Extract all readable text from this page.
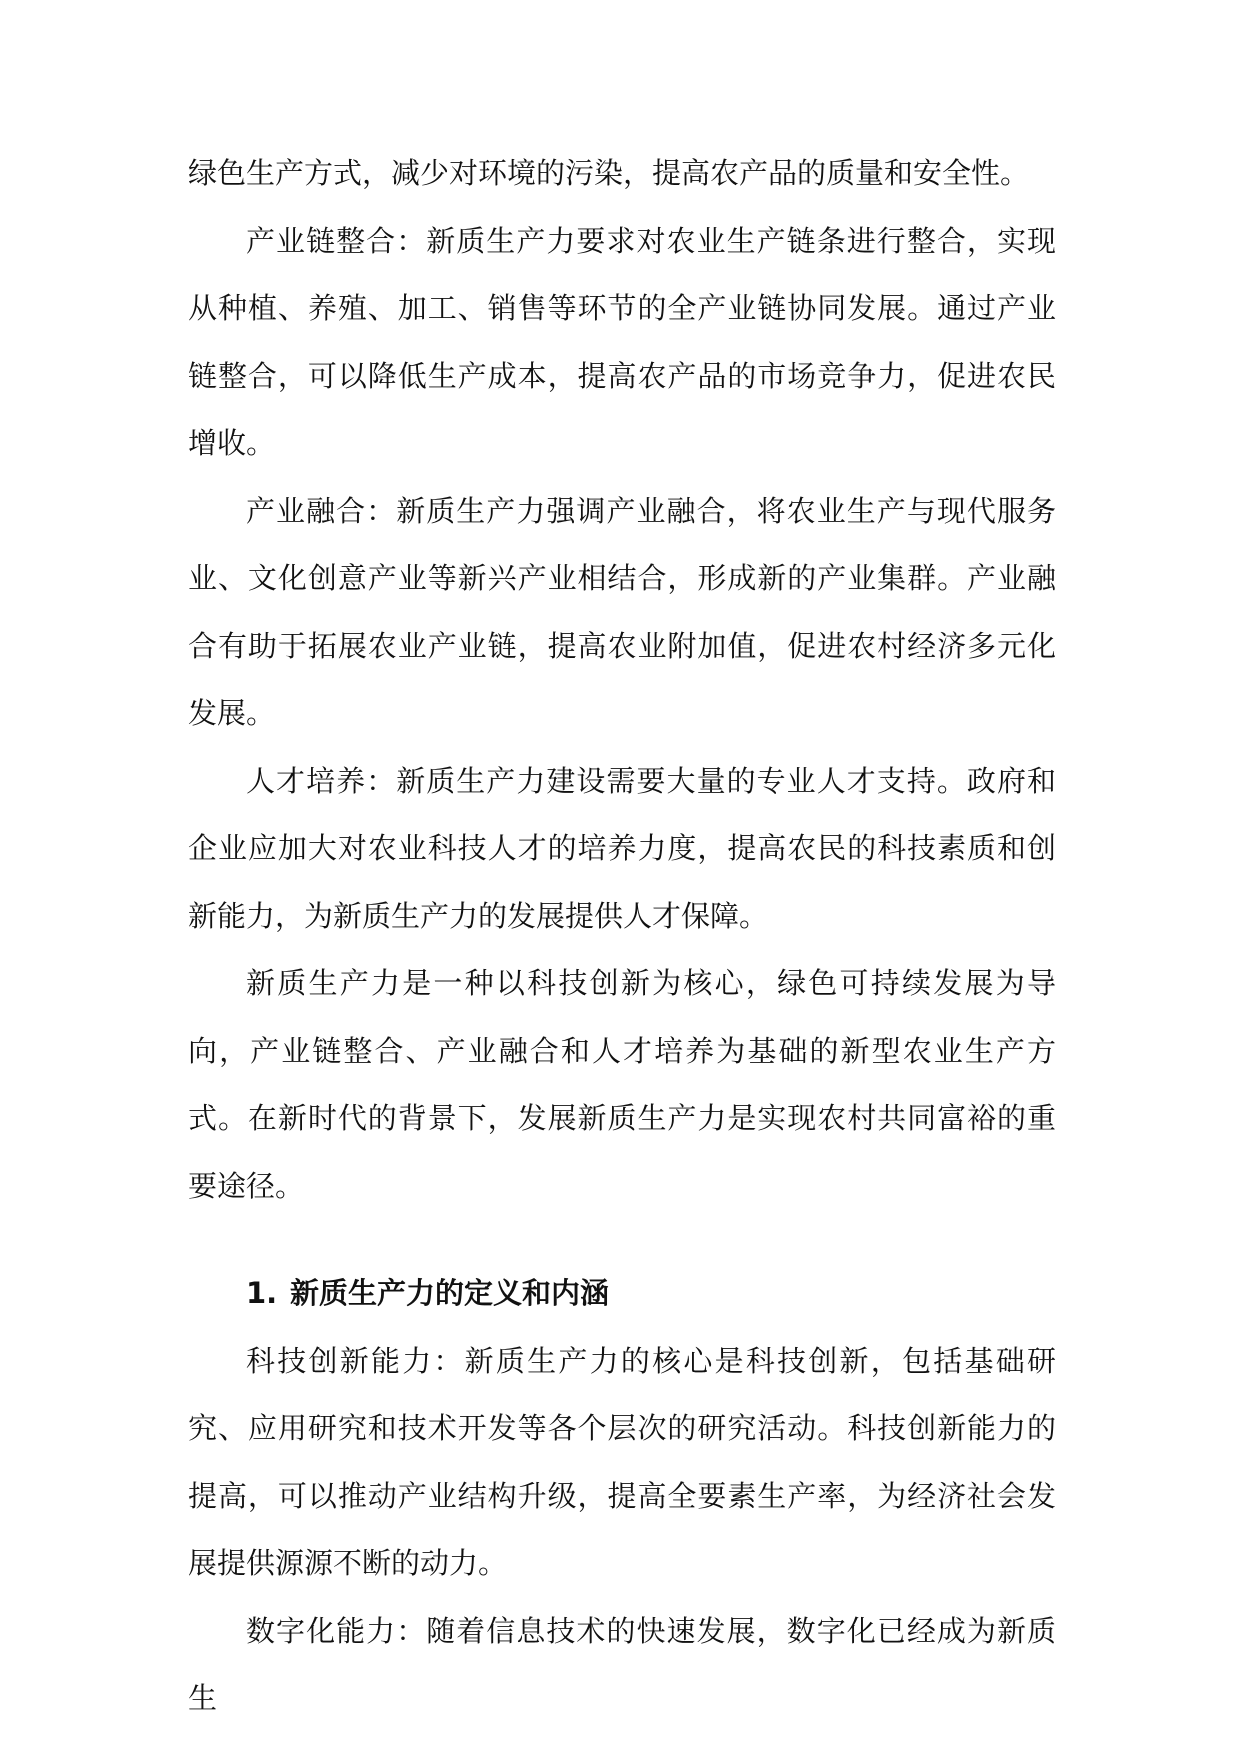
绿色生产方式，减少对环境的污染，提高农产品的质量和安全性。

产业链整合：新质生产力要求对农业生产链条进行整合，实现从种植、养殖、加工、销售等环节的全产业链协同发展。通过产业链整合，可以降低生产成本，提高农产品的市场竞争力，促进农民增收。

产业融合：新质生产力强调产业融合，将农业生产与现代服务业、文化创意产业等新兴产业相结合，形成新的产业集群。产业融合有助于拓展农业产业链，提高农业附加值，促进农村经济多元化发展。

人才培养：新质生产力建设需要大量的专业人才支持。政府和企业应加大对农业科技人才的培养力度，提高农民的科技素质和创新能力，为新质生产力的发展提供人才保障。

新质生产力是一种以科技创新为核心，绿色可持续发展为导向，产业链整合、产业融合和人才培养为基础的新型农业生产方式。在新时代的背景下，发展新质生产力是实现农村共同富裕的重要途径。

1. 新质生产力的定义和内涵

科技创新能力：新质生产力的核心是科技创新，包括基础研究、应用研究和技术开发等各个层次的研究活动。科技创新能力的提高，可以推动产业结构升级，提高全要素生产率，为经济社会发展提供源源不断的动力。

数字化能力：随着信息技术的快速发展，数字化已经成为新质生
